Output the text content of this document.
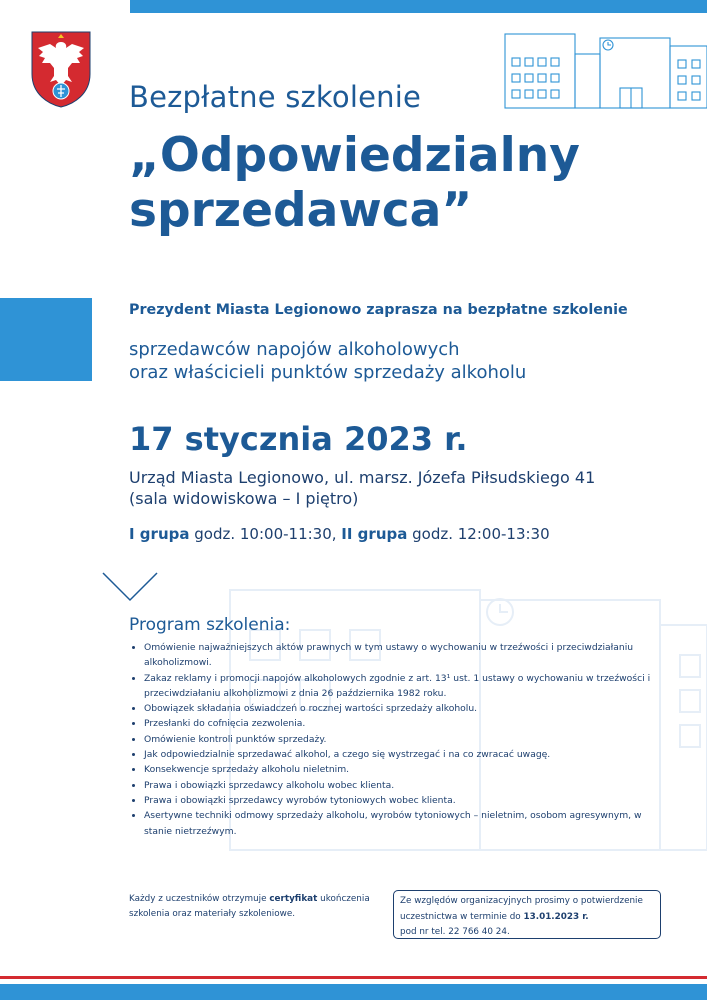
Bezpłatne szkolenie
„Odpowiedzialny sprzedawca”

Prezydent Miasta Legionowo zaprasza na bezpłatne szkolenie

sprzedawców napojów alkoholowych
oraz właścicieli punktów sprzedaży alkoholu

17 stycznia 2023 r.

Urząd Miasta Legionowo, ul. marsz. Józefa Piłsudskiego 41
(sala widowiskowa – I piętro)

I grupa godz. 10:00-11:30, II grupa godz. 12:00-13:30

Program szkolenia:
Omówienie najważniejszych aktów prawnych w tym ustawy o wychowaniu w trzeźwości i przeciwdziałaniu alkoholizmowi.
Zakaz reklamy i promocji napojów alkoholowych zgodnie z art. 13¹ ust. 1 ustawy o wychowaniu w trzeźwości i przeciwdziałaniu alkoholizmowi z dnia 26 października 1982 roku.
Obowiązek składania oświadczeń o rocznej wartości sprzedaży alkoholu.
Przesłanki do cofnięcia zezwolenia.
Omówienie kontroli punktów sprzedaży.
Jak odpowiedzialnie sprzedawać alkohol, a czego się wystrzegać i na co zwracać uwagę.
Konsekwencje sprzedaży alkoholu nieletnim.
Prawa i obowiązki sprzedawcy alkoholu wobec klienta.
Prawa i obowiązki sprzedawcy wyrobów tytoniowych wobec klienta.
Asertywne techniki odmowy sprzedaży alkoholu, wyrobów tytoniowych – nieletnim, osobom agresywnym, w stanie nietrzeźwym.

Każdy z uczestników otrzymuje certyfikat ukończenia szkolenia oraz materiały szkoleniowe.

Ze względów organizacyjnych prosimy o potwierdzenie uczestnictwa w terminie do 13.01.2023 r.
pod nr tel. 22 766 40 24.
